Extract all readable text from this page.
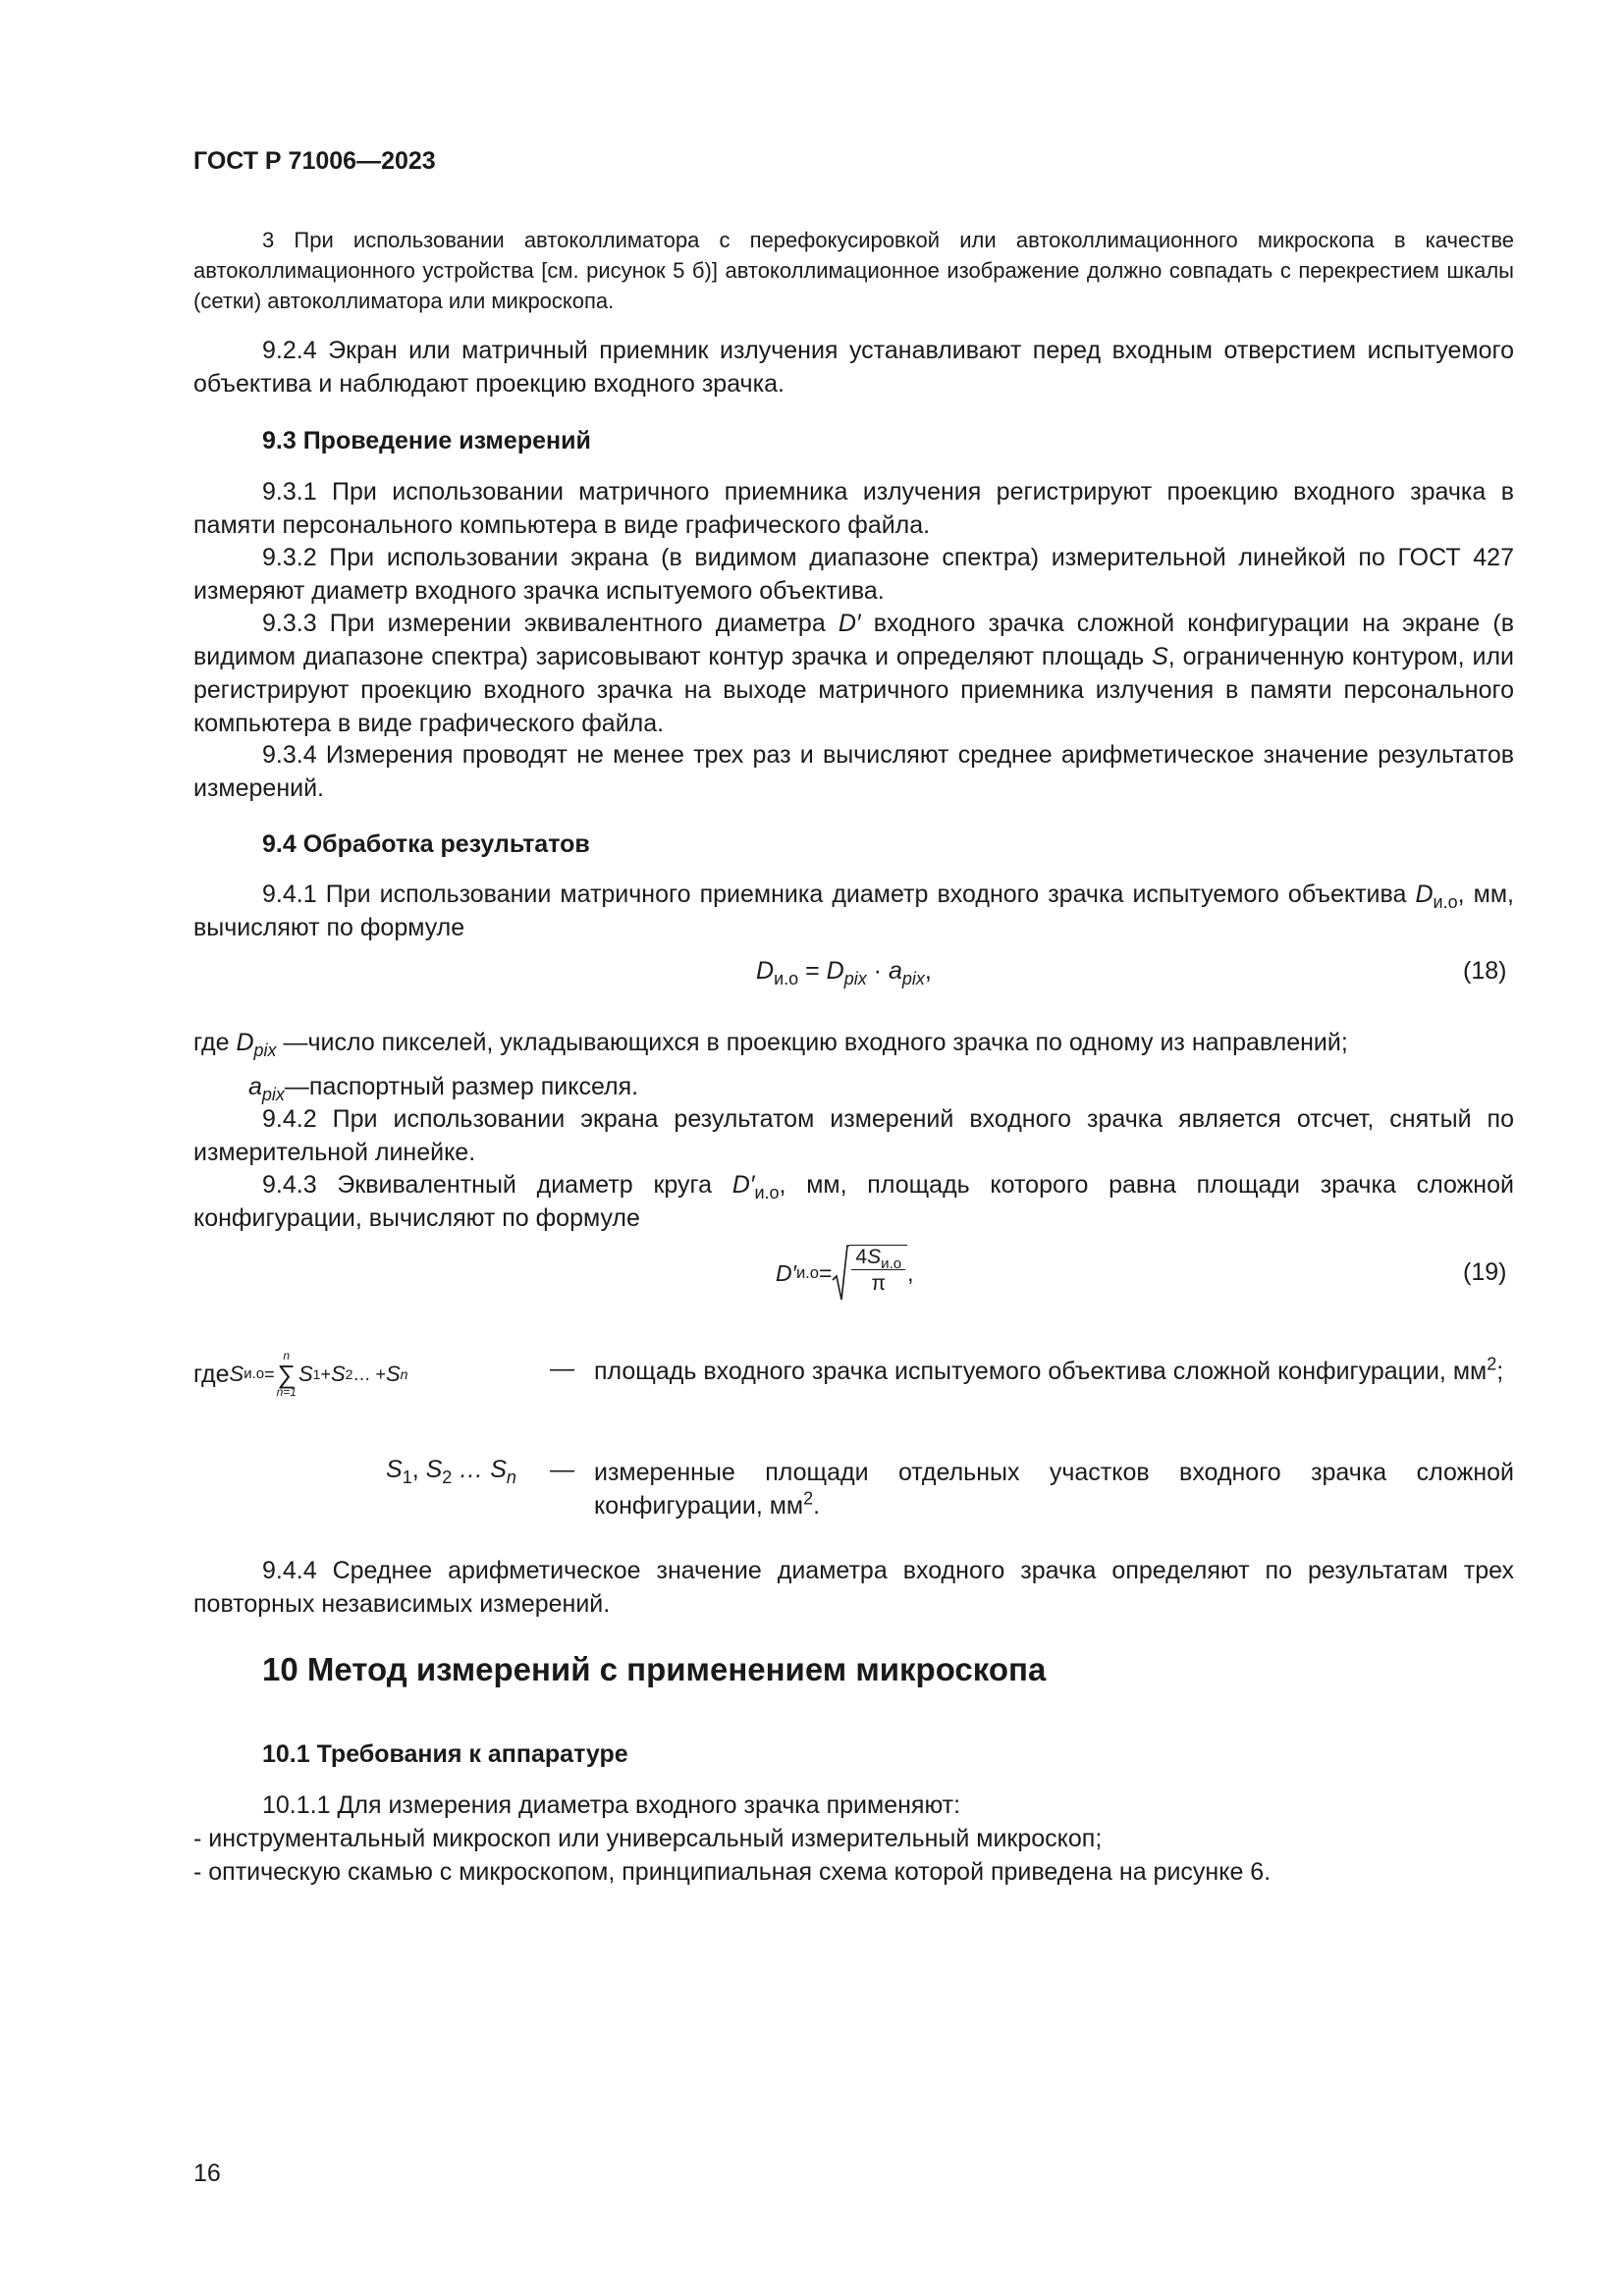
ГОСТ Р 71006—2023
3 При использовании автоколлиматора с перефокусировкой или автоколлимационного микроскопа в качестве автоколлимационного устройства [см. рисунок 5 б)] автоколлимационное изображение должно совпадать с перекрестием шкалы (сетки) автоколлиматора или микроскопа.
9.2.4 Экран или матричный приемник излучения устанавливают перед входным отверстием испытуемого объектива и наблюдают проекцию входного зрачка.
9.3 Проведение измерений
9.3.1 При использовании матричного приемника излучения регистрируют проекцию входного зрачка в памяти персонального компьютера в виде графического файла.
9.3.2 При использовании экрана (в видимом диапазоне спектра) измерительной линейкой по ГОСТ 427 измеряют диаметр входного зрачка испытуемого объектива.
9.3.3 При измерении эквивалентного диаметра D′ входного зрачка сложной конфигурации на экране (в видимом диапазоне спектра) зарисовывают контур зрачка и определяют площадь S, ограниченную контуром, или регистрируют проекцию входного зрачка на выходе матричного приемника излучения в памяти персонального компьютера в виде графического файла.
9.3.4 Измерения проводят не менее трех раз и вычисляют среднее арифметическое значение результатов измерений.
9.4 Обработка результатов
9.4.1 При использовании матричного приемника диаметр входного зрачка испытуемого объектива $D_{и.о}$, мм, вычисляют по формуле
$D_{и.о} = D_{pix} \cdot a_{pix}$,	(18)
где $D_{pix}$ —число пикселей, укладывающихся в проекцию входного зрачка по одному из направлений;
$a_{pix}—паспортный$ размер пикселя.
9.4.2 При использовании экрана результатом измерений входного зрачка является отсчет, снятый по измерительной линейке.
9.4.3 Эквивалентный диаметр круга $D'_{и.о}$, мм, площадь которого равна площади зрачка сложной конфигурации, вычисляют по формуле
D′ $и.о = \frac{4S_{и.о}}{\pi}$ ,	(19)
где S и.о =
n
∑
n=1
S 1 + S 2 … + S n	— площадь входного зрачка испытуемого объектива сложной конфигурации, $мм^2$;
$S_1$, $S_2$ … $S_n$ — измеренные площади отдельных участков входного зрачка сложной конфигурации, $мм^2$.
9.4.4 Среднее арифметическое значение диаметра входного зрачка определяют по результатам трех повторных независимых измерений.
10 Метод измерений с применением микроскопа
10.1 Требования к аппаратуре
10.1.1 Для измерения диаметра входного зрачка применяют:
- инструментальный микроскоп или универсальный измерительный микроскоп;
- оптическую скамью с микроскопом, принципиальная схема которой приведена на рисунке 6.
16
